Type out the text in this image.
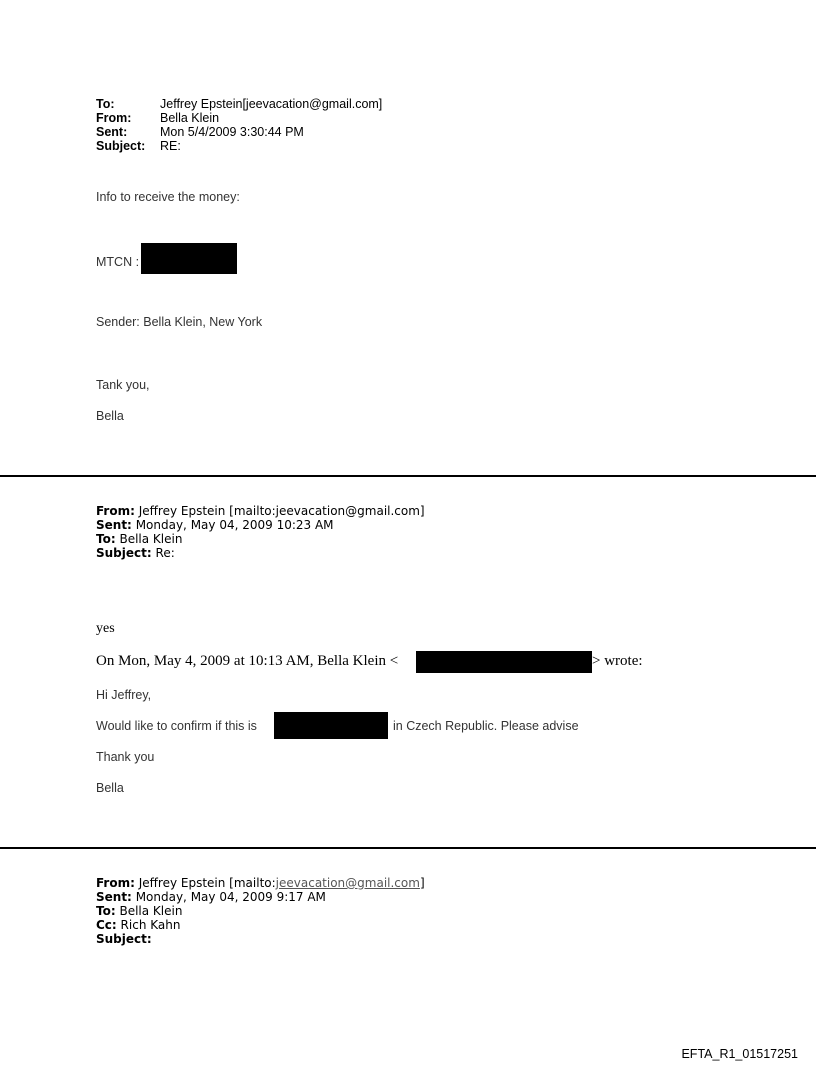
To:	Jeffrey Epstein[jeevacation@gmail.com]
From: Bella Klein
Sent:	Mon 5/4/2009 3:30:44 PM
Subject: RE:
Info to receive the money:
MTCN :
Sender: Bella Klein, New York
Tank you,
Bella
From: Jeffrey Epstein [mailto:jeevacation@gmail.com]
Sent: Monday, May 04, 2009 10:23 AM
To: Bella Klein
Subject: Re:
yes
On Mon, May 4, 2009 at 10:13 AM, Bella Klein <	> wrote:
Hi Jeffrey,
Would like to confirm if this is	in Czech Republic. Please advise
Thank you
Bella
From: Jeffrey Epstein [mailto:jeevacation@gmail.com]
Sent: Monday, May 04, 2009 9:17 AM
To: Bella Klein
Cc: Rich Kahn
Subject:
EFTA_R1_01517251
